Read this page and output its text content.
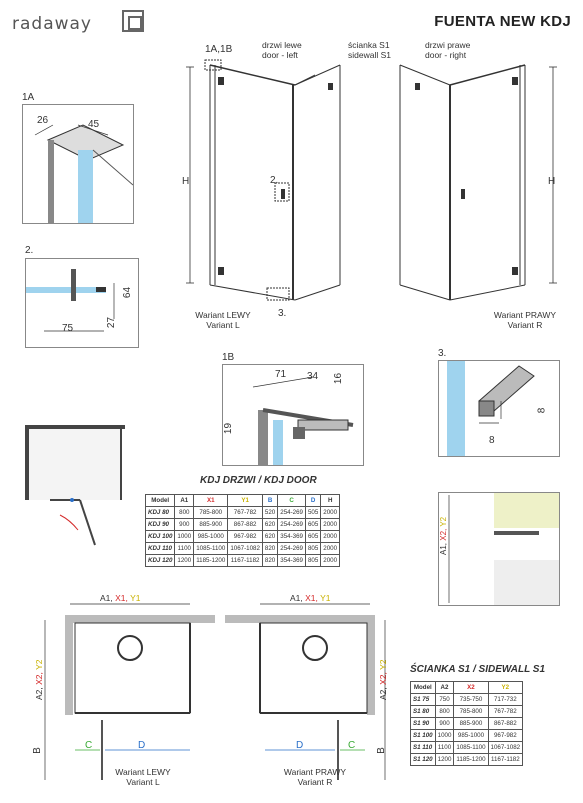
radaway	FUENTA NEW KDJ
H
1A,1B	drzwi lewe
door - left
ścianka S1
sidewall S1
drzwi prawe
door - right
2.
3.
Wariant LEWY
Variant L
H
Wariant PRAWY
Variant R
1A
26	45
2.
64
27
75
1B
71 34 16
19
3.
8
8
KDJ DRZWI / KDJ DOOR
Model	A1	X1	Y1	B	C	D	H
KDJ 80	800	785-800	767-782	520	254-269	505	2000
KDJ 90	900	885-900	867-882	620	254-269	605	2000
KDJ 100	1000	985-1000	967-982	620	354-369	605	2000
KDJ 110	1100	1085-1100	1067-1082	820	254-269	805	2000
KDJ 120	1200	1185-1200	1167-1182	820	354-369	805	2000
A1, X2, Y2
A1, X1, Y1
A2, X2, Y2
B	C	D
Wariant LEWY
Variant L
A1, X1, Y1
A2, X2, Y2
B
D	C
Wariant PRAWY
Variant R
ŚCIANKA S1 / SIDEWALL S1
Model	A2	X2	Y2
S1 75	750	735-750	717-732
S1 80	800	785-800	767-782
S1 90	900	885-900	867-882
S1 100	1000	985-1000	967-982
S1 110	1100	1085-1100	1067-1082
S1 120	1200	1185-1200	1167-1182
